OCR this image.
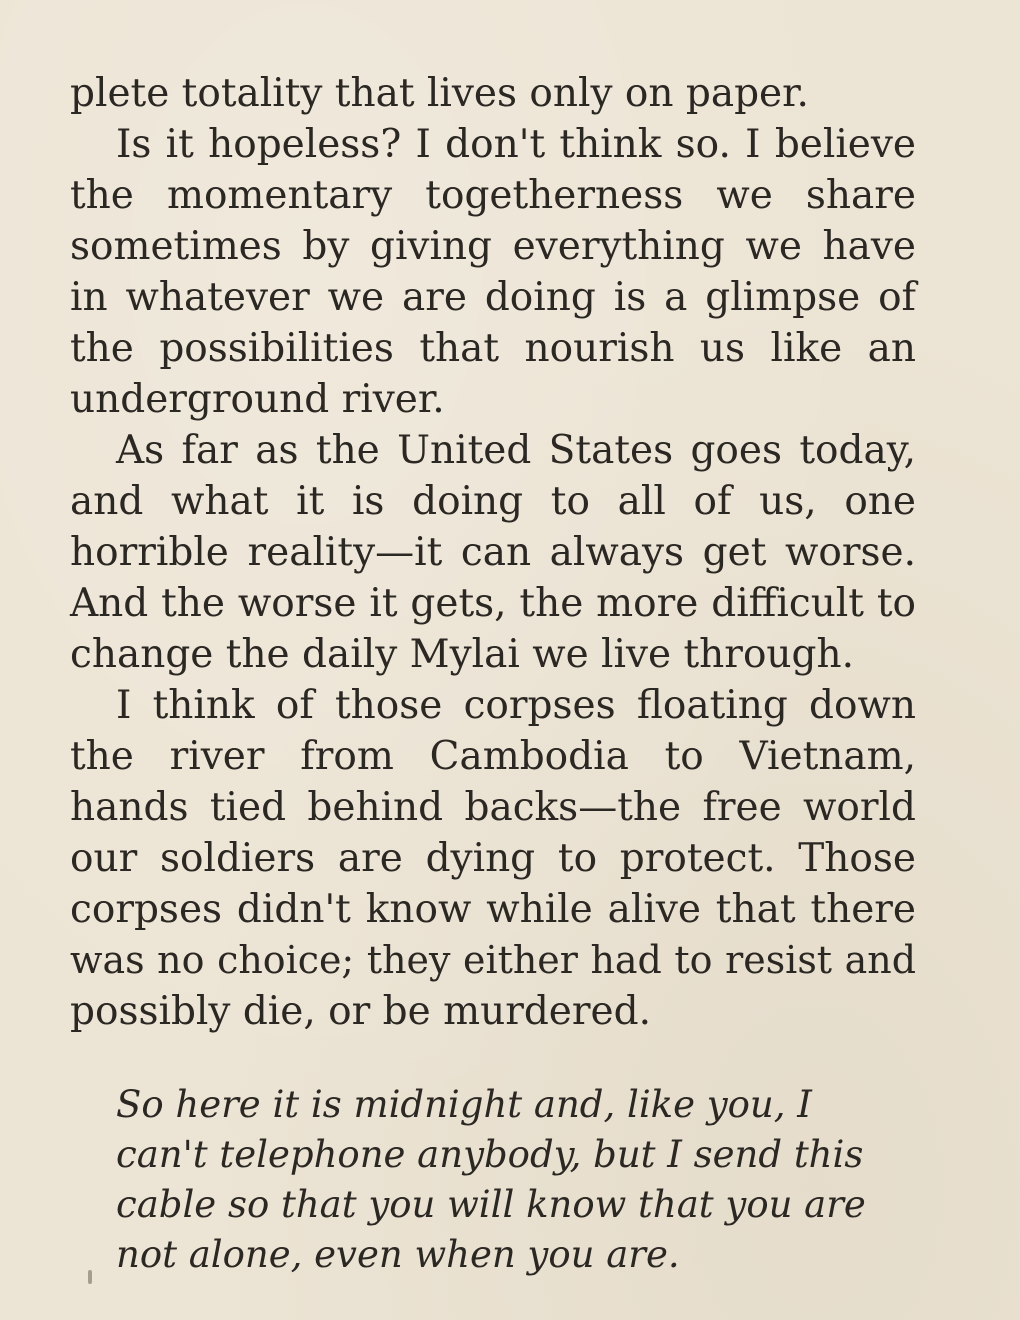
plete totality that lives only on paper.
Is it hopeless? I don't think so. I believe
the momentary togetherness we share
sometimes by giving everything we have
in whatever we are doing is a glimpse of
the possibilities that nourish us like an
underground river.
As far as the United States goes today,
and what it is doing to all of us, one
horrible reality—it can always get worse.
And the worse it gets, the more difficult to
change the daily Mylai we live through.
I think of those corpses floating down
the river from Cambodia to Vietnam,
hands tied behind backs—the free world
our soldiers are dying to protect. Those
corpses didn't know while alive that there
was no choice; they either had to resist and
possibly die, or be murdered.
So here it is midnight and, like you, I
can't telephone anybody, but I send this
cable so that you will know that you are
not alone, even when you are.
